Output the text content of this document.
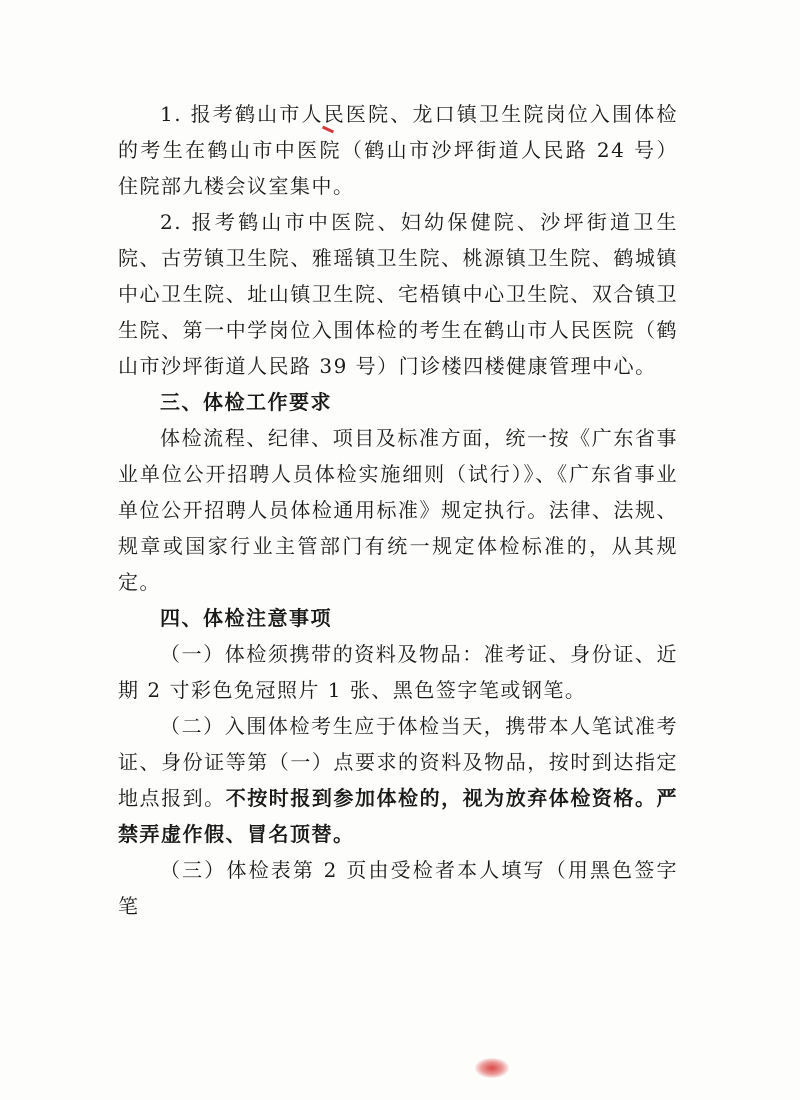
1. 报考鹤山市人民医院、龙口镇卫生院岗位入围体检的考生在鹤山市中医院（鹤山市沙坪街道人民路 24 号）住院部九楼会议室集中。

2. 报考鹤山市中医院、妇幼保健院、沙坪街道卫生院、古劳镇卫生院、雅瑶镇卫生院、桃源镇卫生院、鹤城镇中心卫生院、址山镇卫生院、宅梧镇中心卫生院、双合镇卫生院、第一中学岗位入围体检的考生在鹤山市人民医院（鹤山市沙坪街道人民路 39 号）门诊楼四楼健康管理中心。

三、体检工作要求

体检流程、纪律、项目及标准方面，统一按《广东省事业单位公开招聘人员体检实施细则（试行）》、《广东省事业单位公开招聘人员体检通用标准》规定执行。法律、法规、规章或国家行业主管部门有统一规定体检标准的，从其规定。

四、体检注意事项

（一）体检须携带的资料及物品：准考证、身份证、近期 2 寸彩色免冠照片 1 张、黑色签字笔或钢笔。

（二）入围体检考生应于体检当天，携带本人笔试准考证、身份证等第（一）点要求的资料及物品，按时到达指定地点报到。不按时报到参加体检的，视为放弃体检资格。严禁弄虚作假、冒名顶替。

（三）体检表第 2 页由受检者本人填写（用黑色签字笔
